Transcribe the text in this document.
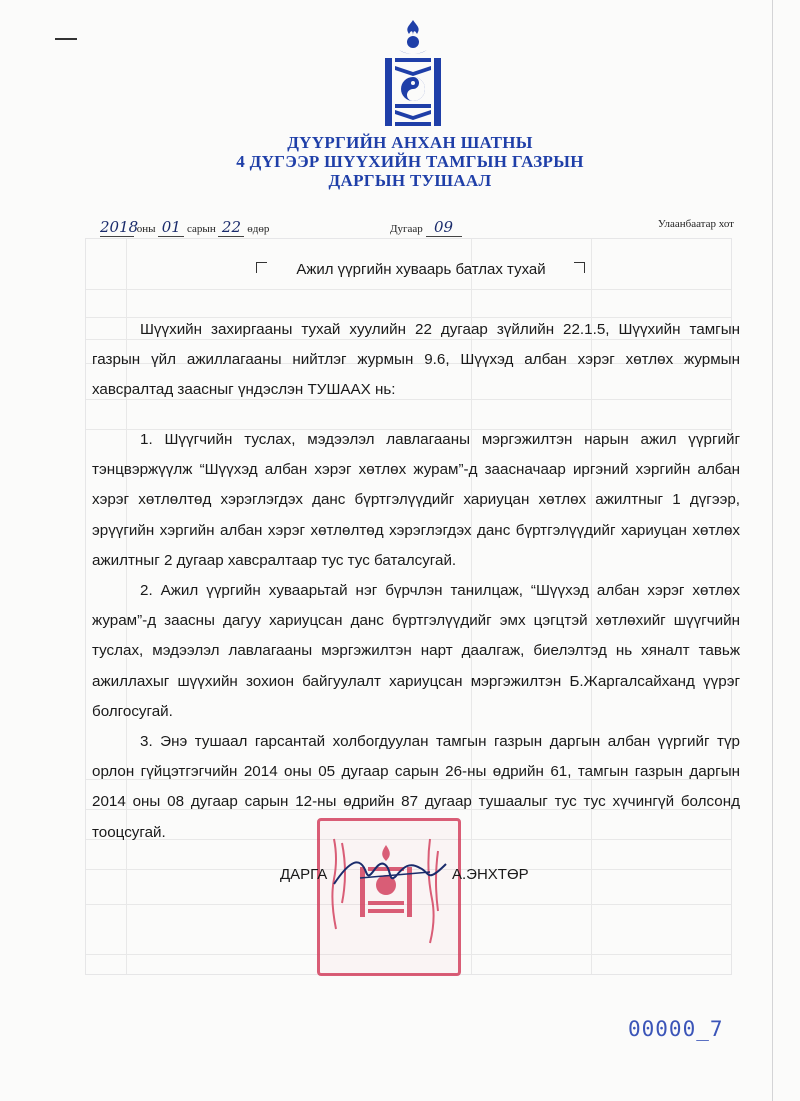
ДҮҮРГИЙН АНХАН ШАТНЫ
4 ДҮГЭЭР ШҮҮХИЙН ТАМГЫН ГАЗРЫН
ДАРГЫН ТУШААЛ
2018 оны 01 сарын 22 өдөр	Дугаар 09	Улаанбаатар хот
Ажил үүргийн хуваарь батлах тухай

Шүүхийн захиргааны тухай хуулийн 22 дугаар зүйлийн 22.1.5, Шүүхийн тамгын газрын үйл ажиллагааны нийтлэг журмын 9.6, Шүүхэд албан хэрэг хөтлөх журмын хавсралтад заасныг үндэслэн ТУШААХ нь:

1. Шүүгчийн туслах, мэдээлэл лавлагааны мэргэжилтэн нарын ажил үүргийг тэнцвэржүүлж “Шүүхэд албан хэрэг хөтлөх журам”-д заасначаар иргэний хэргийн албан хэрэг хөтлөлтөд хэрэглэгдэх данс бүртгэлүүдийг хариуцан хөтлөх ажилтныг 1 дүгээр, эрүүгийн хэргийн албан хэрэг хөтлөлтөд хэрэглэгдэх данс бүртгэлүүдийг хариуцан хөтлөх ажилтныг 2 дугаар хавсралтаар тус тус баталсугай.

2. Ажил үүргийн хуваарьтай нэг бүрчлэн танилцаж, “Шүүхэд албан хэрэг хөтлөх журам”-д заасны дагуу хариуцсан данс бүртгэлүүдийг эмх цэгцтэй хөтлөхийг шүүгчийн туслах, мэдээлэл лавлагааны мэргэжилтэн нарт даалгаж, биелэлтэд нь хяналт тавьж ажиллахыг шүүхийн зохион байгуулалт хариуцсан мэргэжилтэн Б.Жаргалсайханд үүрэг болгосугай.

3. Энэ тушаал гарсантай холбогдуулан тамгын газрын даргын албан үүргийг түр орлон гүйцэтгэгчийн 2014 оны 05 дугаар сарын 26-ны өдрийн 61, тамгын газрын даргын 2014 оны 08 дугаар сарын 12-ны өдрийн 87 дугаар тушаалыг тус тус хүчингүй болсонд тооцсугай.

ДАРГА	А.ЭНХТӨР
00000_7
